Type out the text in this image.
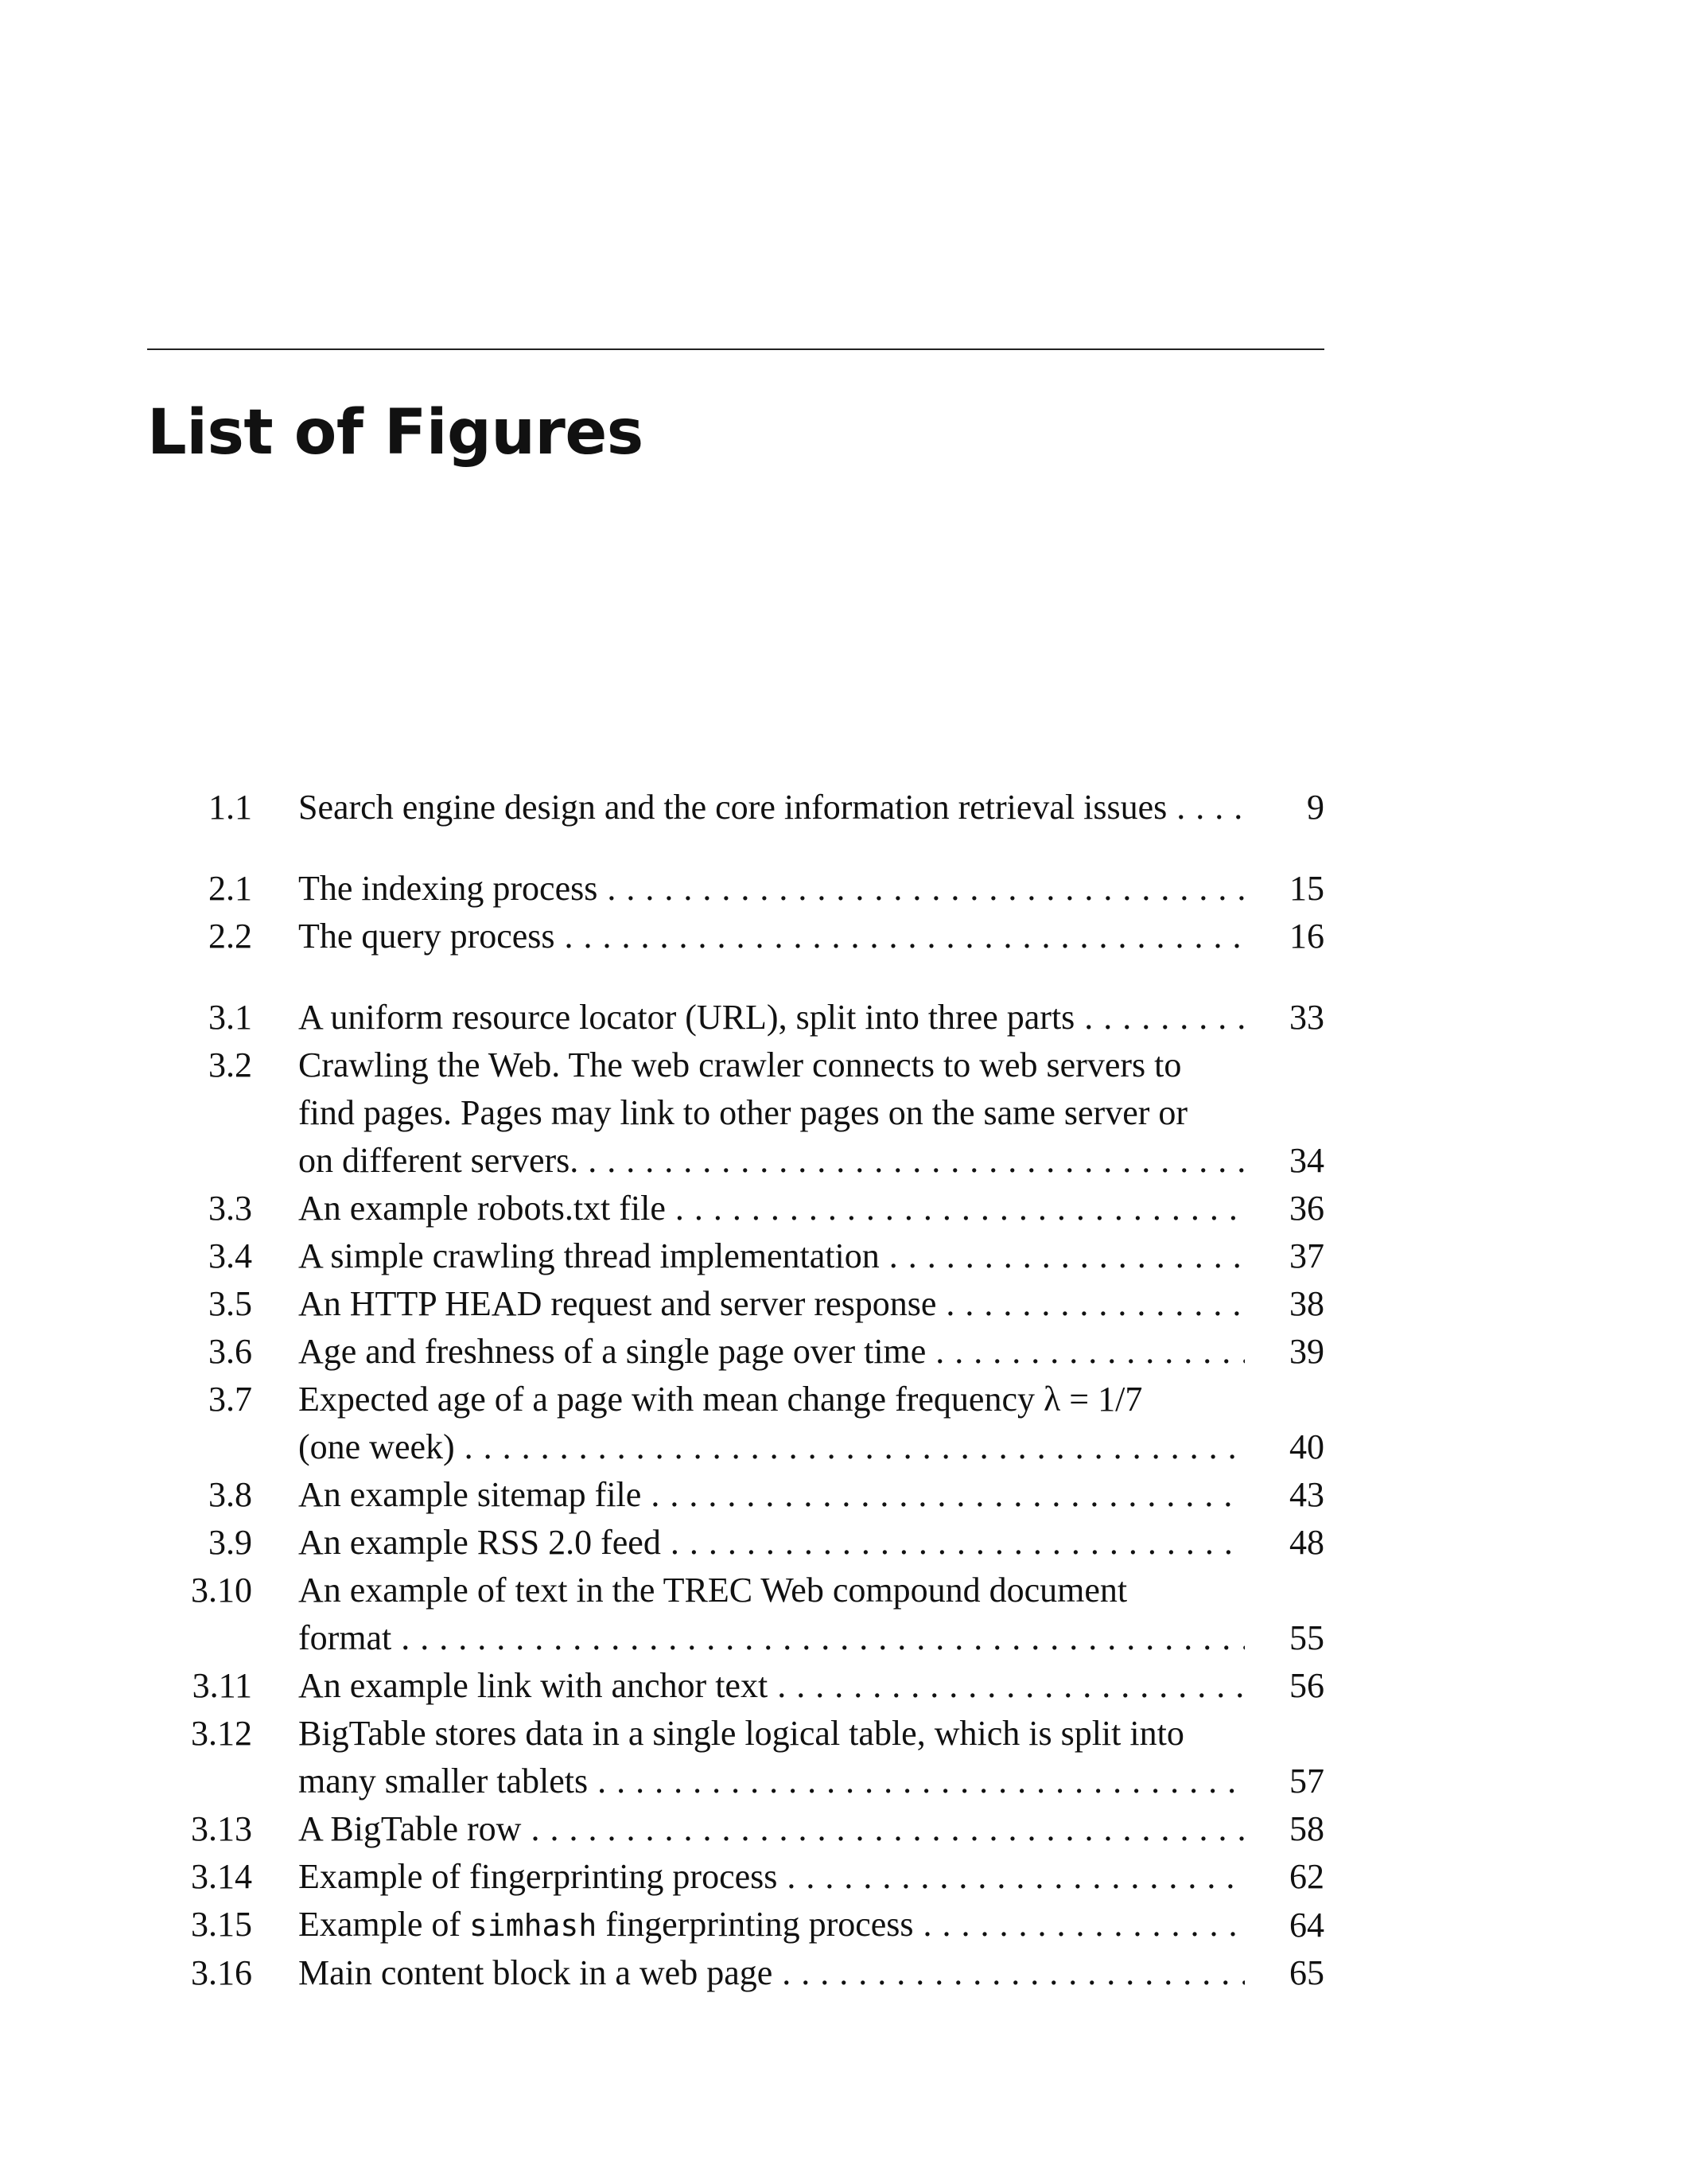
List of Figures
1.1 Search engine design and the core information retrieval issues . . .	9
2.1 The indexing process . . .	15
2.2 The query process . . .	16
3.1 A uniform resource locator (URL), split into three parts . . .	33
3.2 Crawling the Web. The web crawler connects to web servers to
find pages. Pages may link to other pages on the same server or
on different servers. . . .	34
3.3 An example robots.txt file . . .	36
3.4 A simple crawling thread implementation . . .	37
3.5 An HTTP HEAD request and server response . . .	38
3.6 Age and freshness of a single page over time . . .	39
3.7 Expected age of a page with mean change frequency λ = 1/7
(one week) . . .	40
3.8 An example sitemap file . . .	43
3.9 An example RSS 2.0 feed . . .	48
3.10 An example of text in the TREC Web compound document
format . . .	55
3.11 An example link with anchor text . . .	56
3.12 BigTable stores data in a single logical table, which is split into
many smaller tablets . . .	57
3.13 A BigTable row . . .	58
3.14 Example of fingerprinting process . . .	62
3.15 Example of simhash fingerprinting process . . .	64
3.16 Main content block in a web page . . .	65
